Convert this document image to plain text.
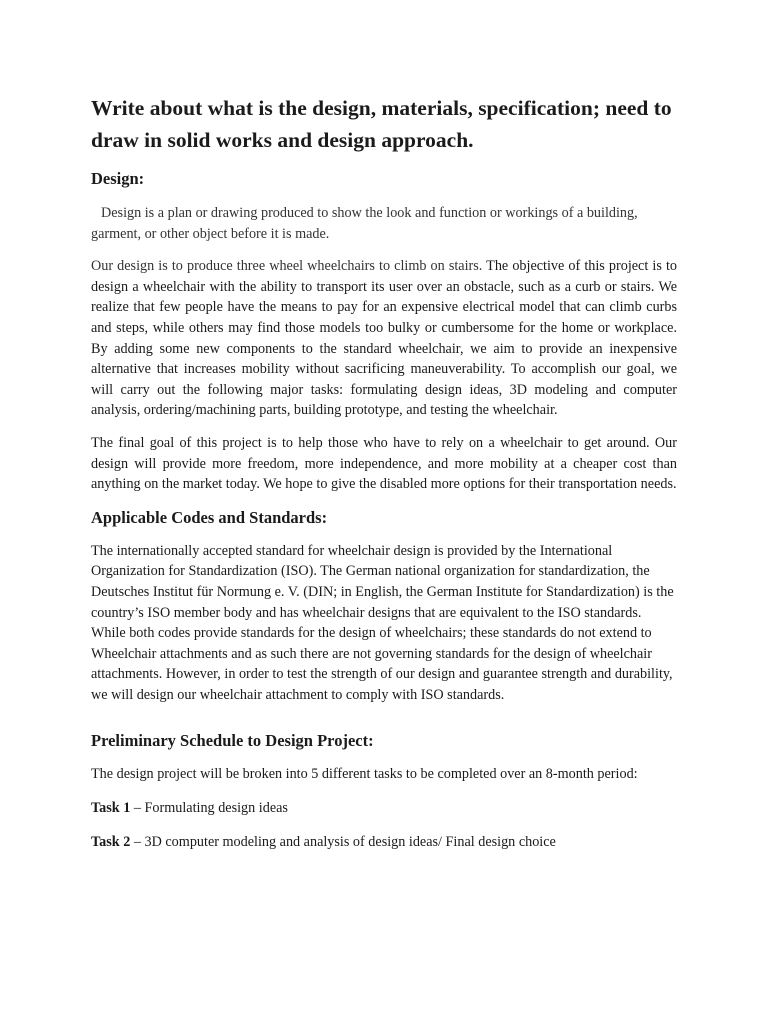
Write about what is the design, materials, specification; need to draw in solid works and design approach.
Design:

Design is a plan or drawing produced to show the look and function or workings of a building, garment, or other object before it is made.

Our design is to produce three wheel wheelchairs to climb on stairs. The objective of this project is to design a wheelchair with the ability to transport its user over an obstacle, such as a curb or stairs. We realize that few people have the means to pay for an expensive electrical model that can climb curbs and steps, while others may find those models too bulky or cumbersome for the home or workplace. By adding some new components to the standard wheelchair, we aim to provide an inexpensive alternative that increases mobility without sacrificing maneuverability. To accomplish our goal, we will carry out the following major tasks: formulating design ideas, 3D modeling and computer analysis, ordering/machining parts, building prototype, and testing the wheelchair.

The final goal of this project is to help those who have to rely on a wheelchair to get around. Our design will provide more freedom, more independence, and more mobility at a cheaper cost than anything on the market today. We hope to give the disabled more options for their transportation needs.

Applicable Codes and Standards:

The internationally accepted standard for wheelchair design is provided by the International Organization for Standardization (ISO). The German national organization for standardization, the Deutsches Institut für Normung e. V. (DIN; in English, the German Institute for Standardization) is the country’s ISO member body and has wheelchair designs that are equivalent to the ISO standards. While both codes provide standards for the design of wheelchairs; these standards do not extend to Wheelchair attachments and as such there are not governing standards for the design of wheelchair attachments. However, in order to test the strength of our design and guarantee strength and durability, we will design our wheelchair attachment to comply with ISO standards.

Preliminary Schedule to Design Project:

The design project will be broken into 5 different tasks to be completed over an 8-month period:

Task 1 – Formulating design ideas

Task 2 – 3D computer modeling and analysis of design ideas/ Final design choice
